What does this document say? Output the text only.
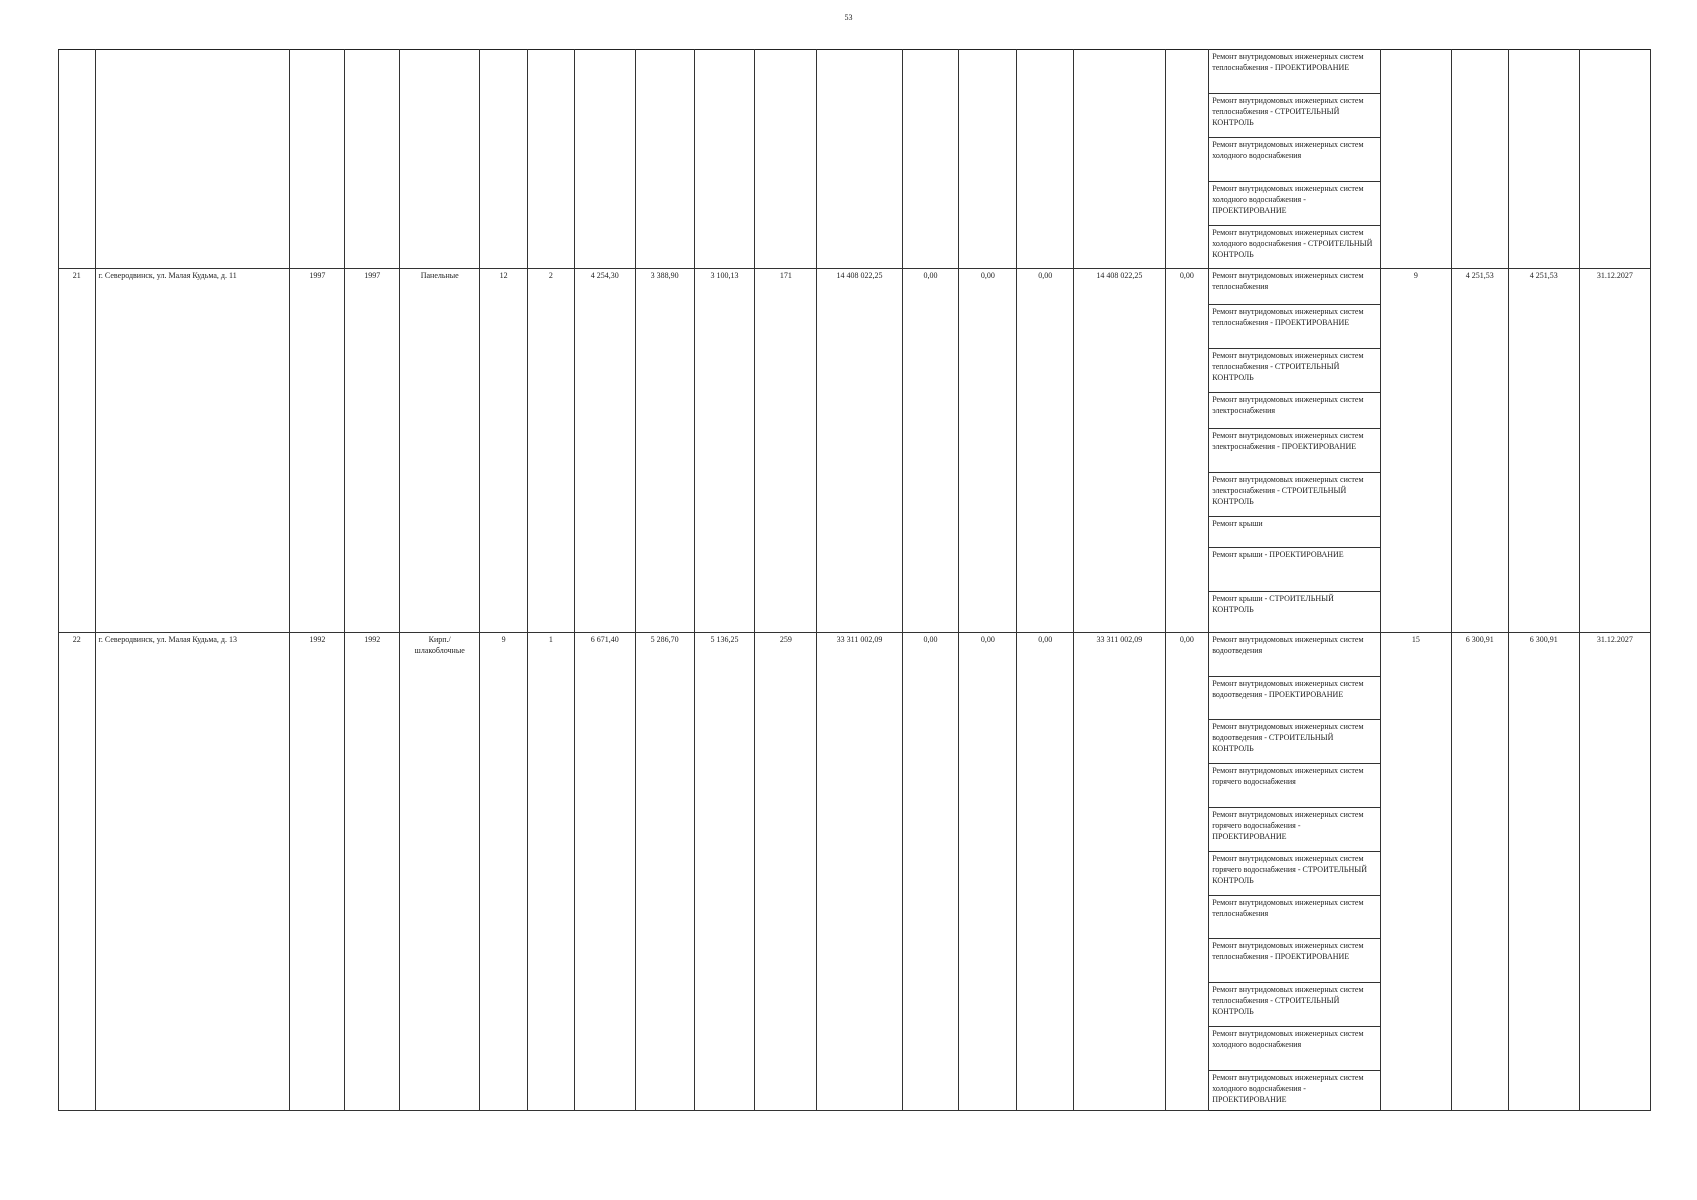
53
																	Ремонт внутридомовых инженерных систем теплоснабжения - ПРОЕКТИРОВАНИЕ				
																	Ремонт внутридомовых инженерных систем теплоснабжения - СТРОИТЕЛЬНЫЙ КОНТРОЛЬ				
																	Ремонт внутридомовых инженерных систем холодного водоснабжения				
																	Ремонт внутридомовых инженерных систем холодного водоснабжения - ПРОЕКТИРОВАНИЕ				
																	Ремонт внутридомовых инженерных систем холодного водоснабжения - СТРОИТЕЛЬНЫЙ КОНТРОЛЬ				
21	г. Северодвинск, ул. Малая Кудьма, д. 11	1997	1997	Панельные	12	2	4 254,30	3 388,90	3 100,13	171	14 408 022,25	0,00	0,00	0,00	14 408 022,25	0,00	Ремонт внутридомовых инженерных систем теплоснабжения	9	4 251,53	4 251,53	31.12.2027
																	Ремонт внутридомовых инженерных систем теплоснабжения - ПРОЕКТИРОВАНИЕ				
																	Ремонт внутридомовых инженерных систем теплоснабжения - СТРОИТЕЛЬНЫЙ КОНТРОЛЬ				
																	Ремонт внутридомовых инженерных систем электроснабжения				
																	Ремонт внутридомовых инженерных систем электроснабжения - ПРОЕКТИРОВАНИЕ				
																	Ремонт внутридомовых инженерных систем электроснабжения - СТРОИТЕЛЬНЫЙ КОНТРОЛЬ				
																	Ремонт крыши				
																	Ремонт крыши - ПРОЕКТИРОВАНИЕ				
																	Ремонт крыши - СТРОИТЕЛЬНЫЙ КОНТРОЛЬ				
22	г. Северодвинск, ул. Малая Кудьма, д. 13	1992	1992	Кирп./ шлакоблочные	9	1	6 671,40	5 286,70	5 136,25	259	33 311 002,09	0,00	0,00	0,00	33 311 002,09	0,00	Ремонт внутридомовых инженерных систем водоотведения	15	6 300,91	6 300,91	31.12.2027
																	Ремонт внутридомовых инженерных систем водоотведения - ПРОЕКТИРОВАНИЕ				
																	Ремонт внутридомовых инженерных систем водоотведения - СТРОИТЕЛЬНЫЙ КОНТРОЛЬ				
																	Ремонт внутридомовых инженерных систем горячего водоснабжения				
																	Ремонт внутридомовых инженерных систем горячего водоснабжения - ПРОЕКТИРОВАНИЕ				
																	Ремонт внутридомовых инженерных систем горячего водоснабжения - СТРОИТЕЛЬНЫЙ КОНТРОЛЬ				
																	Ремонт внутридомовых инженерных систем теплоснабжения				
																	Ремонт внутридомовых инженерных систем теплоснабжения - ПРОЕКТИРОВАНИЕ				
																	Ремонт внутридомовых инженерных систем теплоснабжения - СТРОИТЕЛЬНЫЙ КОНТРОЛЬ				
																	Ремонт внутридомовых инженерных систем холодного водоснабжения				
																	Ремонт внутридомовых инженерных систем холодного водоснабжения - ПРОЕКТИРОВАНИЕ				
